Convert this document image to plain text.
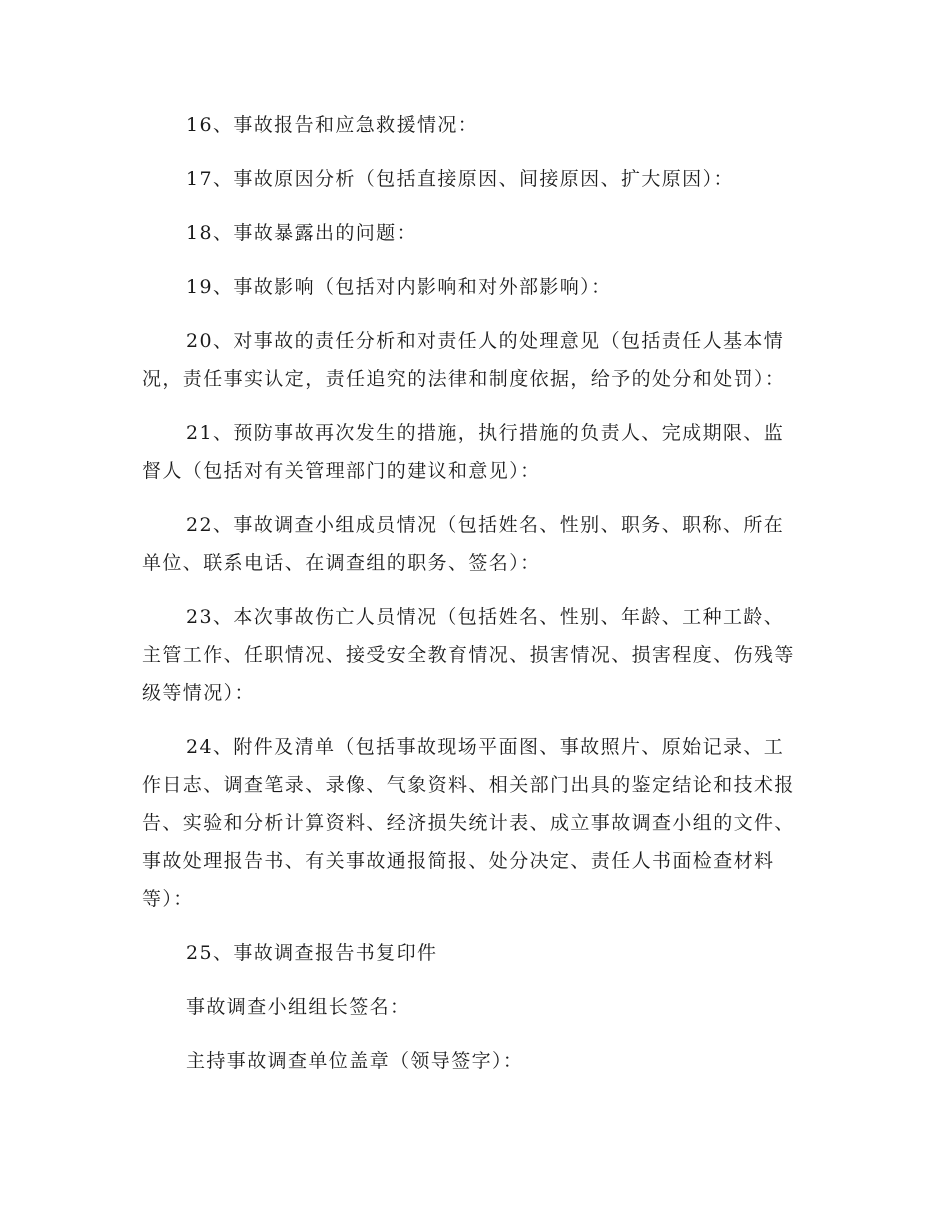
16、事故报告和应急救援情况：

17、事故原因分析（包括直接原因、间接原因、扩大原因）：

18、事故暴露出的问题：

19、事故影响（包括对内影响和对外部影响）：

20、对事故的责任分析和对责任人的处理意见（包括责任人基本情况，责任事实认定，责任追究的法律和制度依据，给予的处分和处罚）：

21、预防事故再次发生的措施，执行措施的负责人、完成期限、监督人（包括对有关管理部门的建议和意见）：

22、事故调查小组成员情况（包括姓名、性别、职务、职称、所在单位、联系电话、在调查组的职务、签名）：

23、本次事故伤亡人员情况（包括姓名、性别、年龄、工种工龄、主管工作、任职情况、接受安全教育情况、损害情况、损害程度、伤残等级等情况）：

24、附件及清单（包括事故现场平面图、事故照片、原始记录、工作日志、调查笔录、录像、气象资料、相关部门出具的鉴定结论和技术报告、实验和分析计算资料、经济损失统计表、成立事故调查小组的文件、事故处理报告书、有关事故通报简报、处分决定、责任人书面检查材料等）：

25、事故调查报告书复印件

事故调查小组组长签名：

主持事故调查单位盖章（领导签字）：
